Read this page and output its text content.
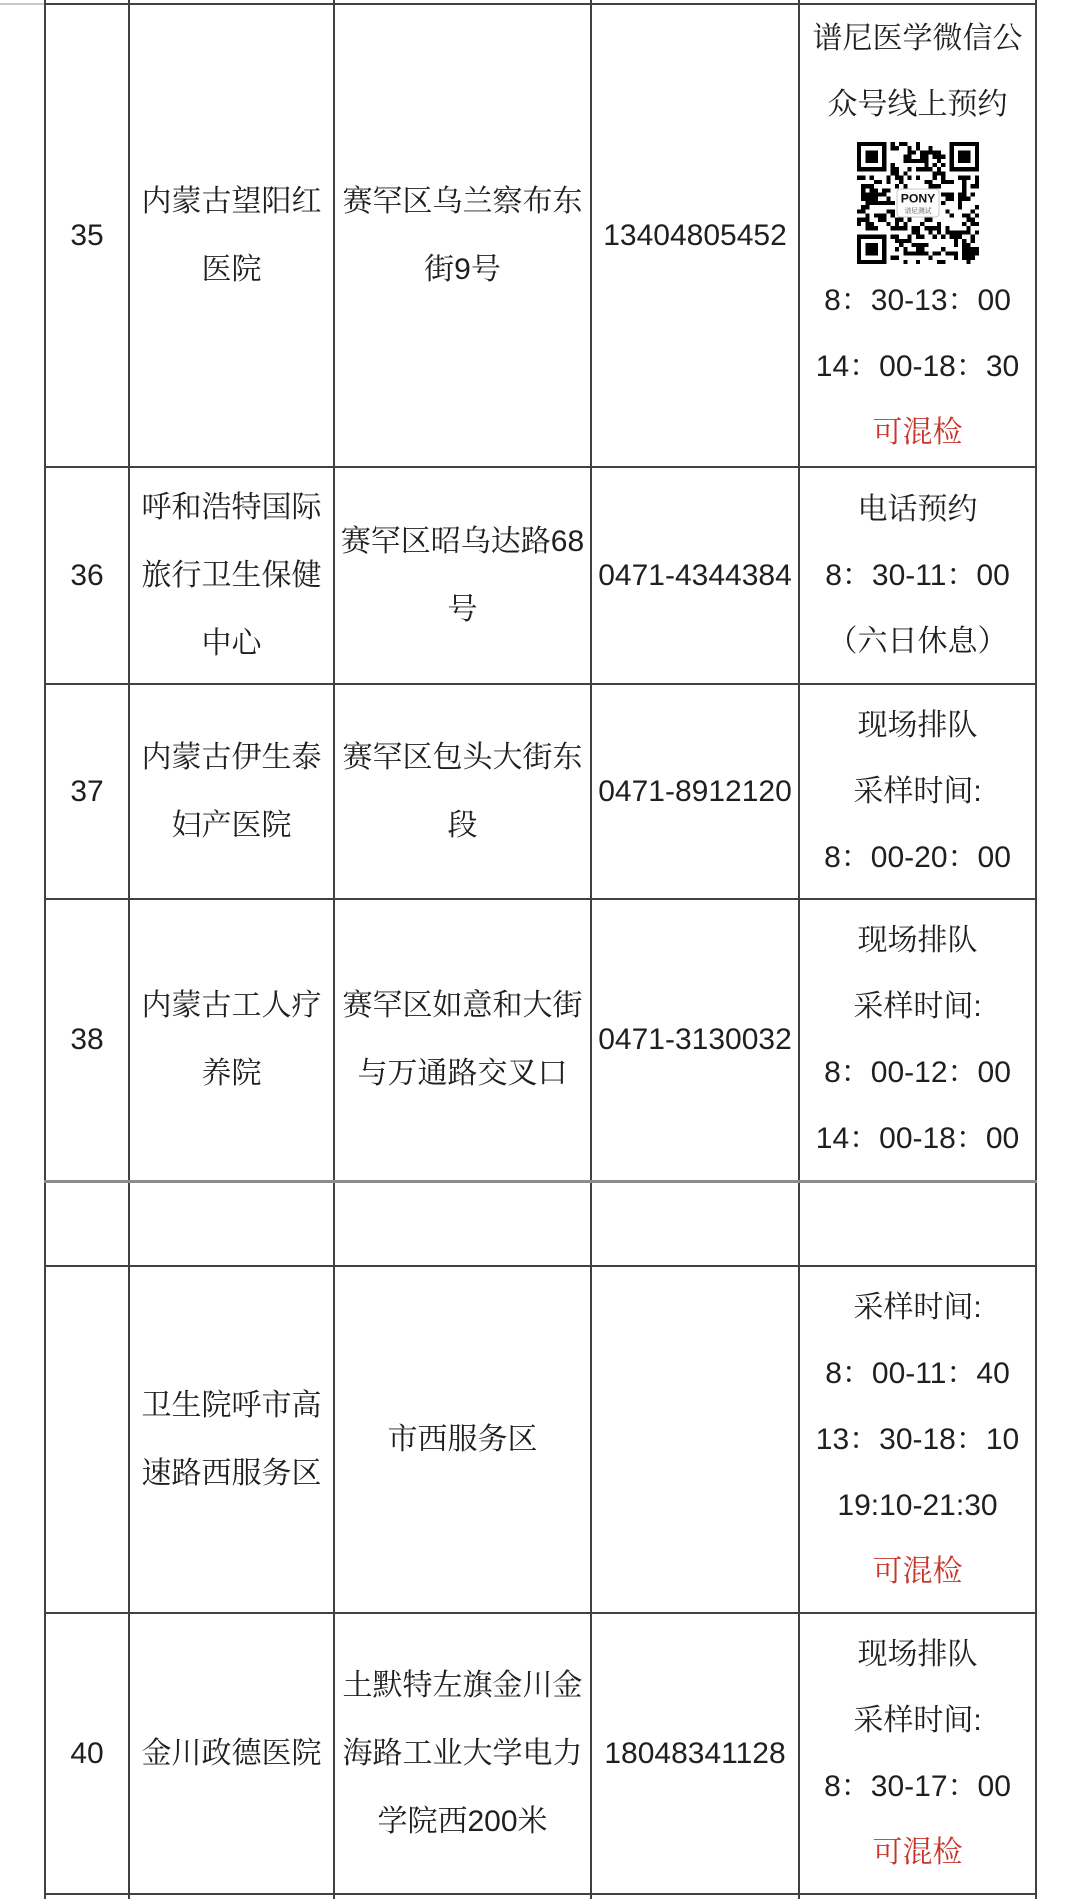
35
内蒙古望阳红
医院
赛罕区乌兰察布东
街9号
13404805452
谱尼医学微信公
众号线上预约
PONY
谱尼测试
8：30-13：00
14：00-18：30
可混检
36
呼和浩特国际
旅行卫生保健
中心
赛罕区昭乌达路68
号
0471-4344384
电话预约
8：30-11：00
（六日休息）
37
内蒙古伊生泰
妇产医院
赛罕区包头大街东
段
0471-8912120
现场排队
采样时间:
8：00-20：00
38
内蒙古工人疗
养院
赛罕区如意和大街
与万通路交叉口
0471-3130032
现场排队
采样时间:
8：00-12：00
14：00-18：00
卫生院呼市高
速路西服务区
市西服务区
采样时间:
8：00-11：40
13：30-18：10
19:10-21:30
可混检
40 金川政德医院
土默特左旗金川金
海路工业大学电力
学院西200米
18048341128
现场排队
采样时间:
8：30-17：00
可混检
